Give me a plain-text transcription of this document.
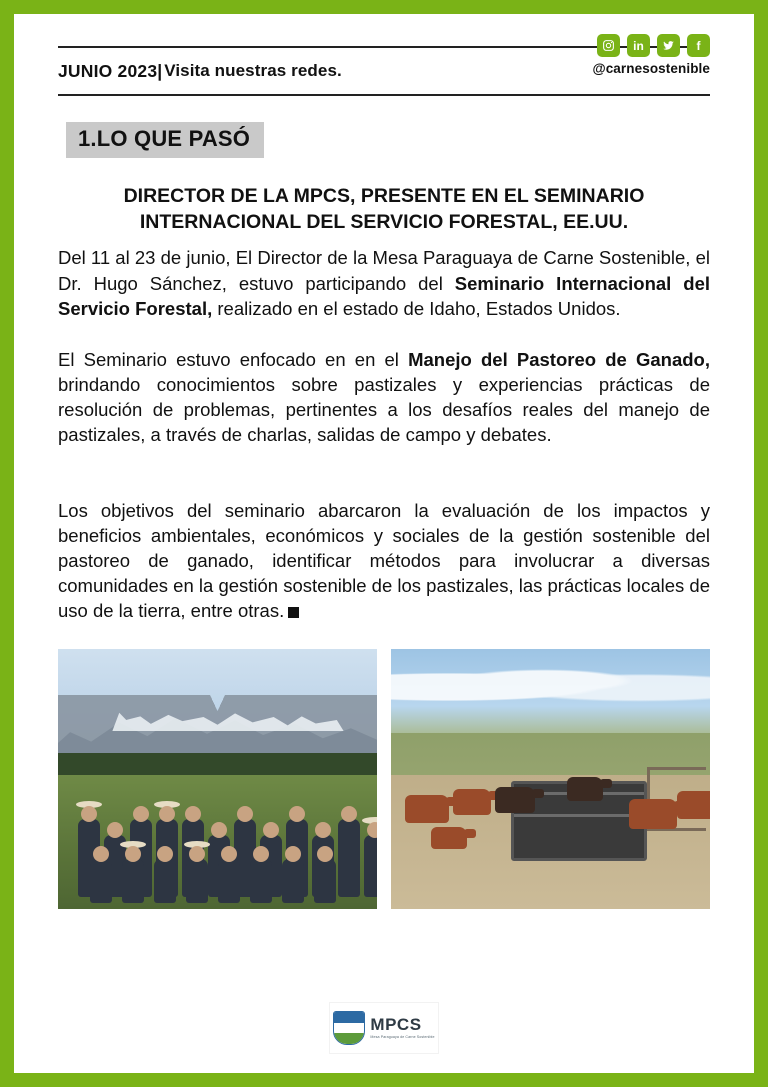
JUNIO 2023 | Visita nuestras redes.
in	f
@carnesostenible
1.LO QUE PASÓ
DIRECTOR DE LA MPCS, PRESENTE EN EL SEMINARIO
INTERNACIONAL DEL SERVICIO FORESTAL, EE.UU.

Del 11 al 23 de junio, El Director de la Mesa Paraguaya de Carne Sostenible, el Dr. Hugo Sánchez, estuvo participando del Seminario Internacional del Servicio Forestal, realizado en el estado de Idaho, Estados Unidos.

El Seminario estuvo enfocado en en el Manejo del Pastoreo de Ganado, brindando conocimientos sobre pastizales y experiencias prácticas de resolución de problemas, pertinentes a los desafíos reales del manejo de pastizales, a través de charlas, salidas de campo y debates.

Los objetivos del seminario abarcaron la evaluación de los impactos y beneficios ambientales, económicos y sociales de la gestión sostenible del pastoreo de ganado, identificar métodos para involucrar a diversas comunidades en la gestión sostenible de los pastizales, las prácticas locales de uso de la tierra, entre otras.

MPCS
Mesa Paraguaya de Carne Sostenible
